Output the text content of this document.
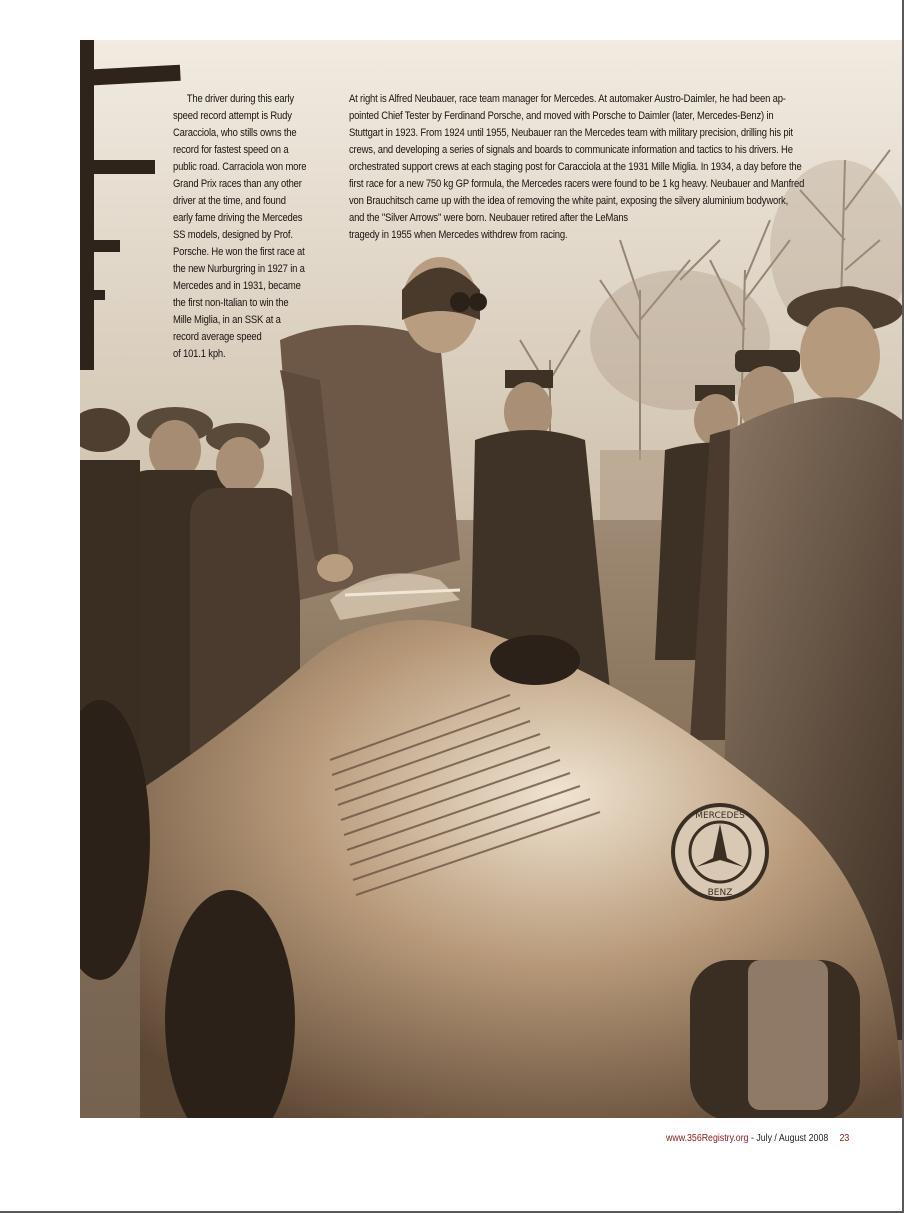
MERCEDES
BENZ
The driver during this early
speed record attempt is Rudy
Caracciola, who stills owns the
record for fastest speed on a
public road. Carraciola won more
Grand Prix races than any other
driver at the time, and found
early fame driving the Mercedes
SS models, designed by Prof.
Porsche. He won the first race at
the new Nurburgring in 1927 in a
Mercedes and in 1931, became
the first non-Italian to win the
Mille Miglia, in an SSK at a
record average speed
of 101.1 kph.
At right is Alfred Neubauer, race team manager for Mercedes. At automaker Austro-Daimler, he had been ap-
pointed Chief Tester by Ferdinand Porsche, and moved with Porsche to Daimler (later, Mercedes-Benz) in
Stuttgart in 1923. From 1924 until 1955, Neubauer ran the Mercedes team with military precision, drilling his pit
crews, and developing a series of signals and boards to communicate information and tactics to his drivers. He
orchestrated support crews at each staging post for Caracciola at the 1931 Mille Miglia. In 1934, a day before the
first race for a new 750 kg GP formula, the Mercedes racers were found to be 1 kg heavy. Neubauer and Manfred
von Brauchitsch came up with the idea of removing the white paint, exposing the silvery aluminium bodywork,
and the "Silver Arrows" were born. Neubauer retired after the LeMans
tragedy in 1955 when Mercedes withdrew from racing.
www.356Registry.org - July / August 2008 23
